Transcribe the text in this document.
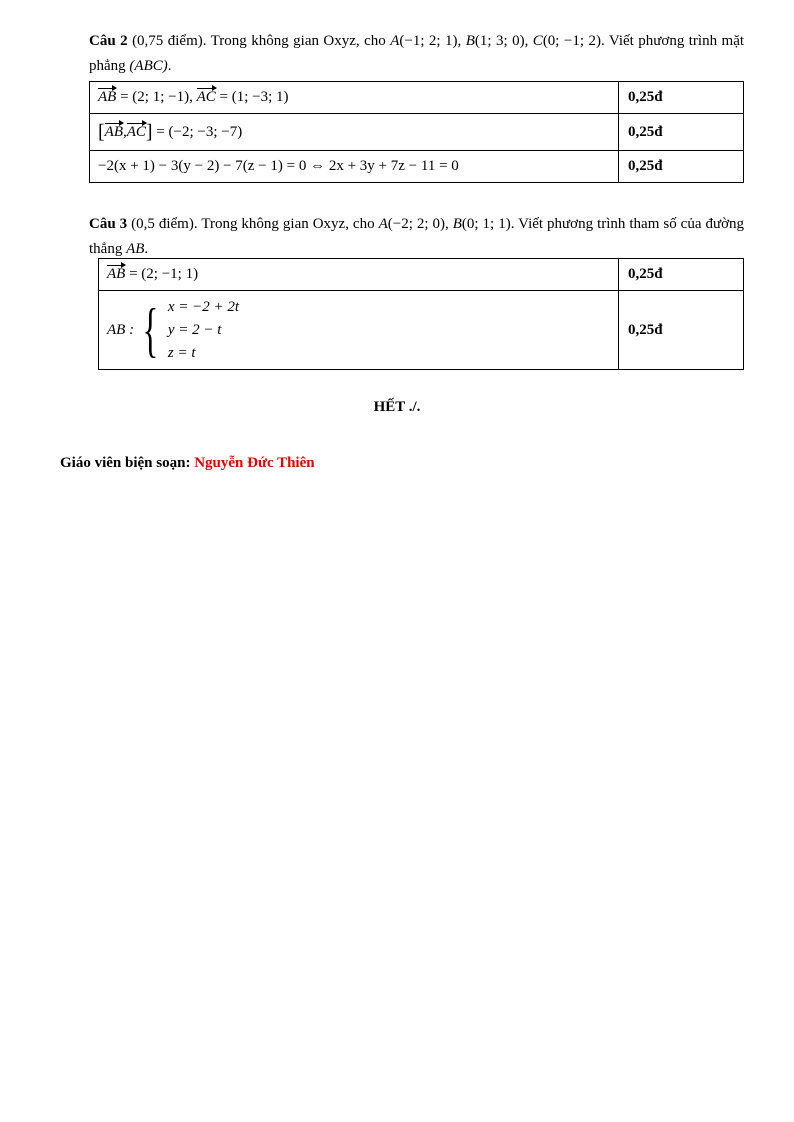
Câu 2 (0,75 điểm). Trong không gian Oxyz, cho A(−1; 2; 1), B(1; 3; 0), C(0; −1; 2). Viết phương trình mặt phẳng (ABC).
AB = (2; 1; −1), AC = (1; −3; 1)	0,25đ
[AB,AC] = (−2; −3; −7)	0,25đ
−2(x + 1) − 3(y − 2) − 7(z − 1) = 0 ⇔ 2x + 3y + 7z − 11 = 0	0,25đ
Câu 3 (0,5 điểm). Trong không gian Oxyz, cho A(−2; 2; 0), B(0; 1; 1). Viết phương trình tham số của đường thẳng AB.
AB = (2; −1; 1)	0,25đ

AB : { x = −2 + 2t
y = 2 − t
z = t	0,25đ
HẾT ./.
Giáo viên biện soạn: Nguyễn Đức Thiên
